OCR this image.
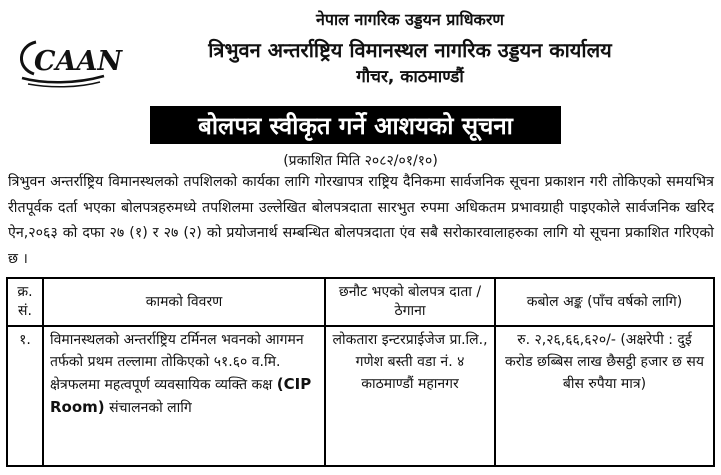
CAAN
नेपाल नागरिक उड्डयन प्राधिकरण
त्रिभुवन अन्तर्राष्ट्रिय विमानस्थल नागरिक उड्डयन कार्यालय
गौचर, काठमाण्डौं
बोलपत्र स्वीकृत गर्ने आशयको सूचना
(प्रकाशित मिति २०८२/०१/१०)
त्रिभुवन अन्तर्राष्ट्रिय विमानस्थलको तपशिलको कार्यका लागि गोरखापत्र राष्ट्रिय दैनिकमा सार्वजनिक सूचना प्रकाशन गरी तोकिएको समयभित्र रीतपूर्वक दर्ता भएका बोलपत्रहरुमध्ये तपशिलमा उल्लेखित बोलपत्रदाता सारभुत रुपमा अधिकतम प्रभावग्राही पाइएकोले सार्वजनिक खरिद ऐन,२०६३ को दफा २७ (१) र २७ (२) को प्रयोजनार्थ सम्बन्धित बोलपत्रदाता एंव सबै सरोकारवालाहरुका लागि यो सूचना प्रकाशित गरिएको छ ।
क्र. सं.	कामको विवरण	छनौट भएको बोलपत्र दाता / ठेगाना	कबोल अङ्क (पाँच वर्षको लागि)
१.	विमानस्थलको अन्तर्राष्ट्रिय टर्मिनल भवनको आगमन तर्फको प्रथम तल्लामा तोकिएको ५१.६० व.मि. क्षेत्रफलमा महत्वपूर्ण व्यवसायिक व्यक्ति कक्ष (CIP Room) संचालनको लागि	लोकतारा इन्टरप्राईजेज प्रा.लि., गणेश बस्ती वडा नं. ४ काठमाण्डौं महानगर	रु. २,२६,६६,६२०/- (अक्षरेपी : दुई करोड छब्बिस लाख छैसट्ठी हजार छ सय बीस रुपैया मात्र)
